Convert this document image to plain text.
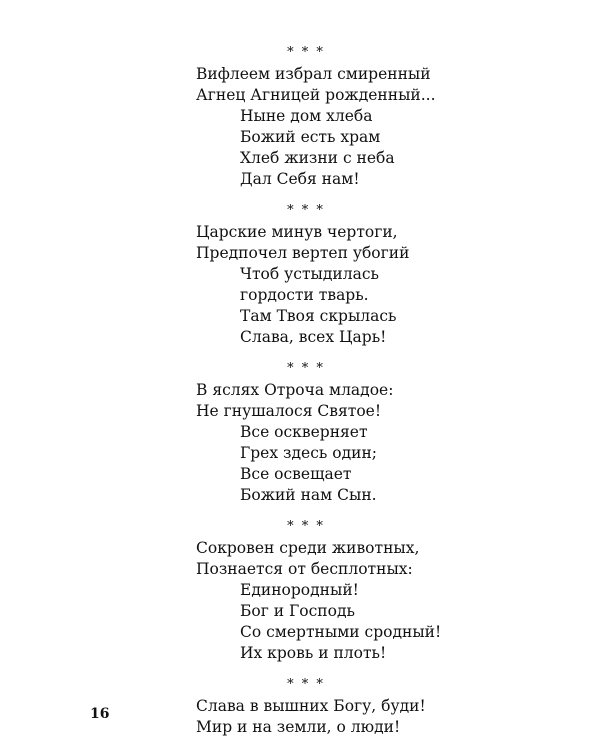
* * *
Вифлеем избрал смиренный
Агнец Агницей рожденный...
Ныне дом хлеба
Божий есть храм
Хлеб жизни с неба
Дал Себя нам!
* * *
Царские минув чертоги,
Предпочел вертеп убогий
Чтоб устыдилась
гордости тварь.
Там Твоя скрылась
Слава, всех Царь!
* * *
В яслях Отроча младое:
Не гнушалося Святое!
Все оскверняет
Грех здесь один;
Все освещает
Божий нам Сын.
* * *
Сокровен среди животных,
Познается от бесплотных:
Единородный!
Бог и Господь
Со смертными сродный!
Их кровь и плоть!
* * *
Слава в вышних Богу, буди!
Мир и на земли, о люди!
16
